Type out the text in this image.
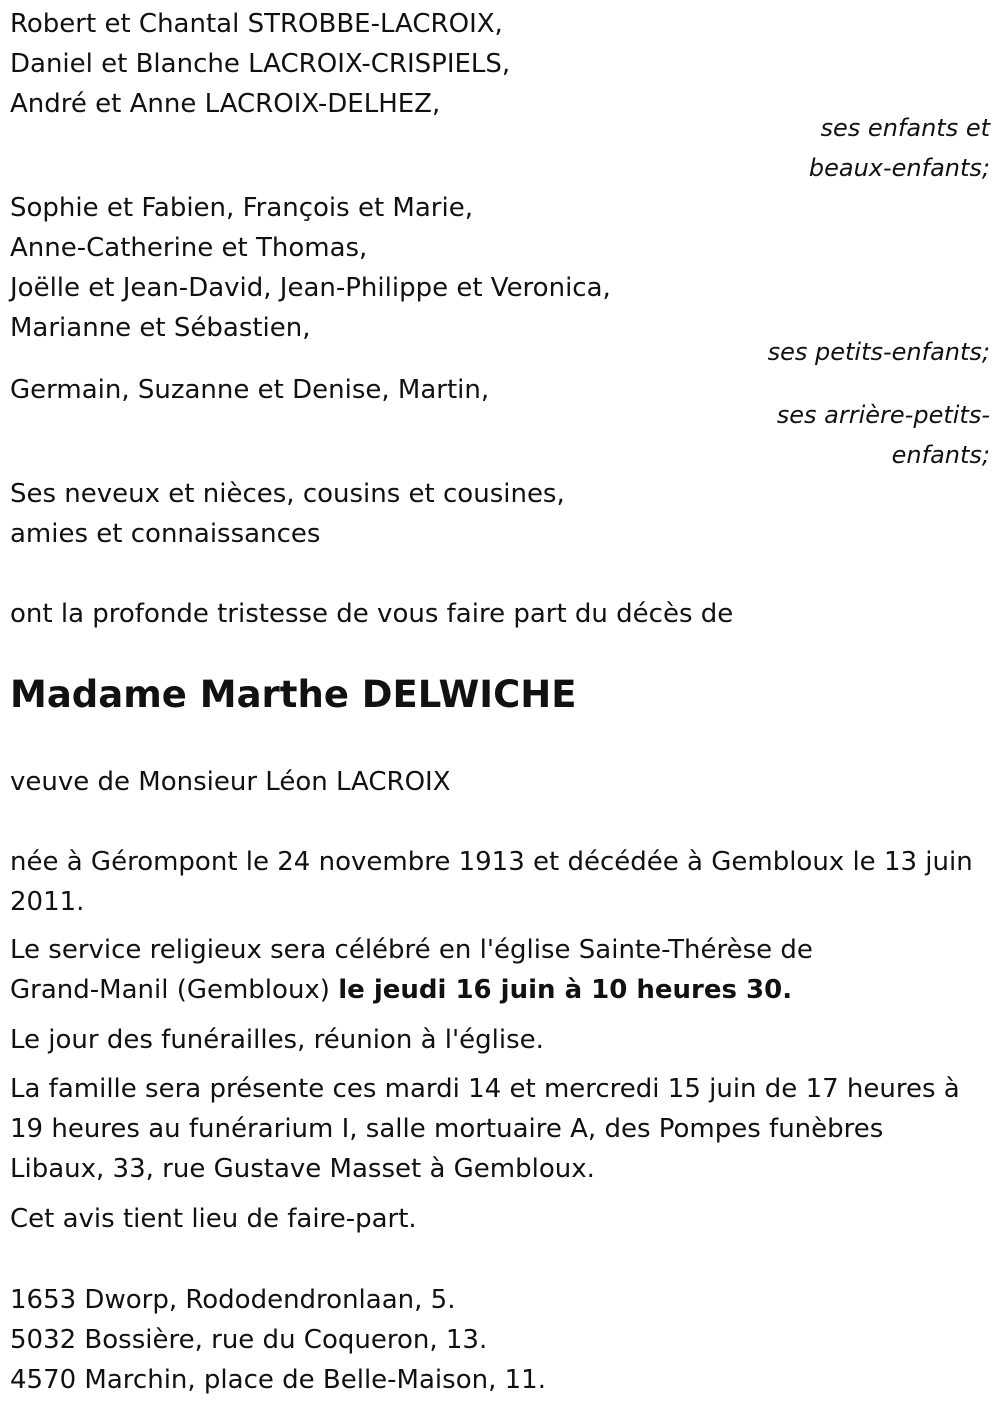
Robert et Chantal STROBBE-LACROIX,
Daniel et Blanche LACROIX-CRISPIELS,
André et Anne LACROIX-DELHEZ,
ses enfants et
beaux-enfants;
Sophie et Fabien, François et Marie,
Anne-Catherine et Thomas,
Joëlle et Jean-David, Jean-Philippe et Veronica,
Marianne et Sébastien,
ses petits-enfants;
Germain, Suzanne et Denise, Martin,
ses arrière-petits-
enfants;
Ses neveux et nièces, cousins et cousines,
amies et connaissances
ont la profonde tristesse de vous faire part du décès de
Madame Marthe DELWICHE
veuve de Monsieur Léon LACROIX
née à Gérompont le 24 novembre 1913 et décédée à Gembloux le 13 juin
2011.
Le service religieux sera célébré en l'église Sainte-Thérèse de
Grand-Manil (Gembloux) le jeudi 16 juin à 10 heures 30.
Le jour des funérailles, réunion à l'église.
La famille sera présente ces mardi 14 et mercredi 15 juin de 17 heures à
19 heures au funérarium I, salle mortuaire A, des Pompes funèbres
Libaux, 33, rue Gustave Masset à Gembloux.
Cet avis tient lieu de faire-part.
1653 Dworp, Rododendronlaan, 5.
5032 Bossière, rue du Coqueron, 13.
4570 Marchin, place de Belle-Maison, 11.
